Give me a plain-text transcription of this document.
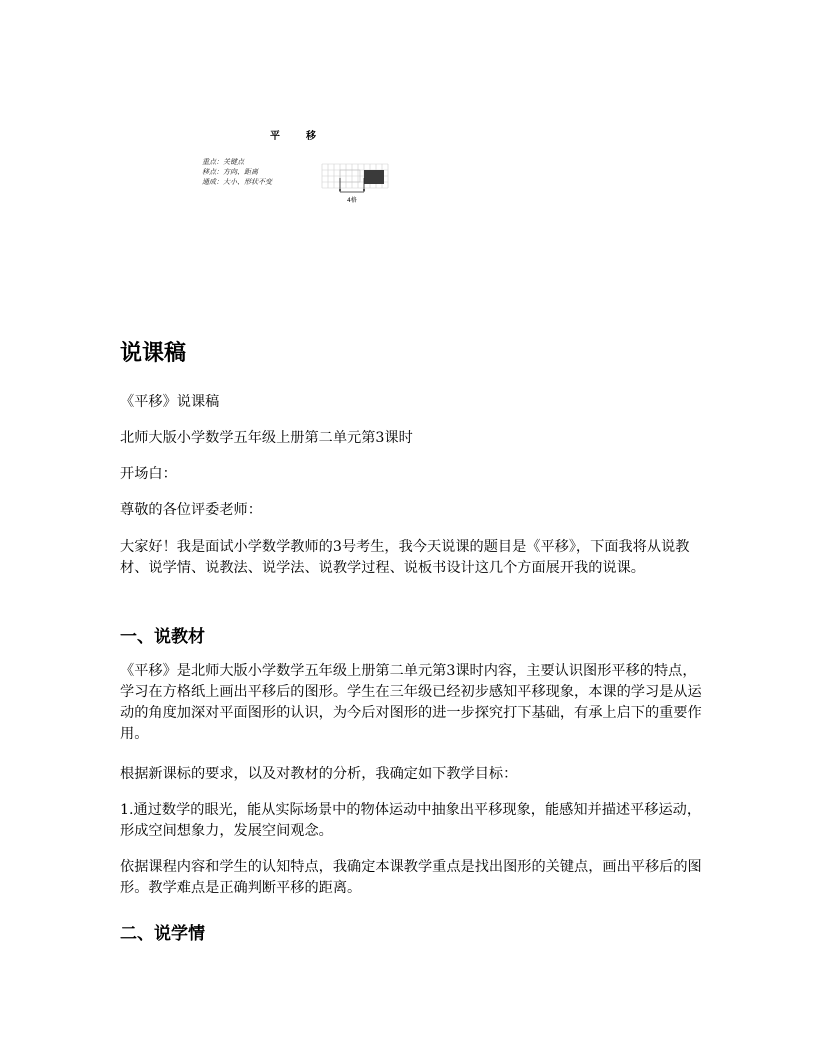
平	移
重点：关键点
移点：方向、距离
通成：大小、形状不变
4格
说课稿

《平移》说课稿

北师大版小学数学五年级上册第二单元第3课时

开场白：

尊敬的各位评委老师：

大家好！我是面试小学数学教师的3号考生，我今天说课的题目是《平移》，下面我将从说教材、说学情、说教法、说学法、说教学过程、说板书设计这几个方面展开我的说课。

一、说教材

《平移》是北师大版小学数学五年级上册第二单元第3课时内容，主要认识图形平移的特点，学习在方格纸上画出平移后的图形。学生在三年级已经初步感知平移现象，本课的学习是从运动的角度加深对平面图形的认识，为今后对图形的进一步探究打下基础，有承上启下的重要作用。

根据新课标的要求，以及对教材的分析，我确定如下教学目标：

1.通过数学的眼光，能从实际场景中的物体运动中抽象出平移现象，能感知并描述平移运动，形成空间想象力，发展空间观念。

依据课程内容和学生的认知特点，我确定本课教学重点是找出图形的关键点，画出平移后的图形。教学难点是正确判断平移的距离。

二、说学情
